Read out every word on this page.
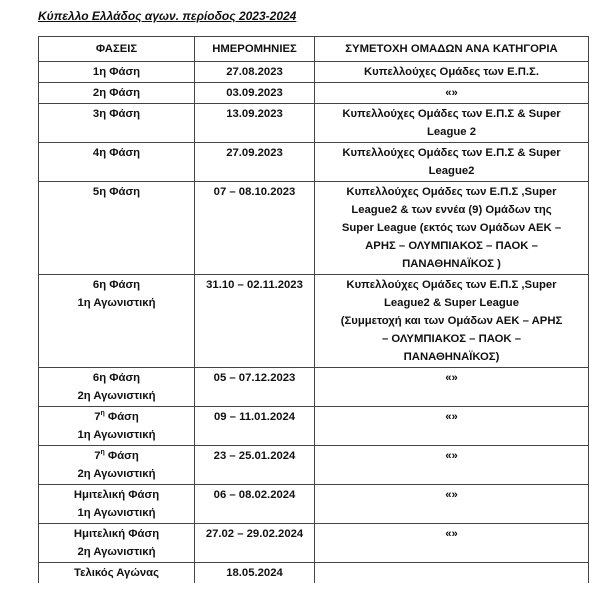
Κύπελλο Ελλάδος αγων. περίοδος 2023-2024
ΦΑΣΕΙΣ	ΗΜΕΡΟΜΗΝΙΕΣ	ΣΥΜΕΤΟΧΗ ΟΜΑΔΩΝ ΑΝΑ ΚΑΤΗΓΟΡΙΑ

1η Φάση	27.08.2023	Κυπελλούχες Ομάδες των Ε.Π.Σ.

2η Φάση	03.09.2023	«»

3η Φάση	13.09.2023	Κυπελλούχες Ομάδες των Ε.Π.Σ & Super
League 2

4η Φάση	27.09.2023	Κυπελλούχες Ομάδες των Ε.Π.Σ & Super
League2

5η Φάση	07 – 08.10.2023	Κυπελλούχες Ομάδες των Ε.Π.Σ ,Super
League2 & των εννέα (9) Ομάδων της
Super League (εκτός των Ομάδων ΑΕΚ –
ΑΡΗΣ – ΟΛΥΜΠΙΑΚΟΣ – ΠΑΟΚ –
ΠΑΝΑΘΗΝΑΪΚΟΣ )

6η Φάση
1η Αγωνιστική	31.10 – 02.11.2023	Κυπελλούχες Ομάδες των Ε.Π.Σ ,Super
League2 & Super League
(Συμμετοχή και των Ομάδων ΑΕΚ – ΑΡΗΣ
– ΟΛΥΜΠΙΑΚΟΣ – ΠΑΟΚ –
ΠΑΝΑΘΗΝΑΪΚΟΣ)

6η Φάση
2η Αγωνιστική	05 – 07.12.2023	«»

$7^\eta$ Φάση
1η Αγωνιστική	09 – 11.01.2024	«»

$7^\eta$ Φάση
2η Αγωνιστική	23 – 25.01.2024	«»

Ημιτελική Φάση
1η Αγωνιστική	06 – 08.02.2024	«»

Ημιτελική Φάση
2η Αγωνιστική	27.02 – 29.02.2024	«»

Τελικός Αγώνας	18.05.2024	
